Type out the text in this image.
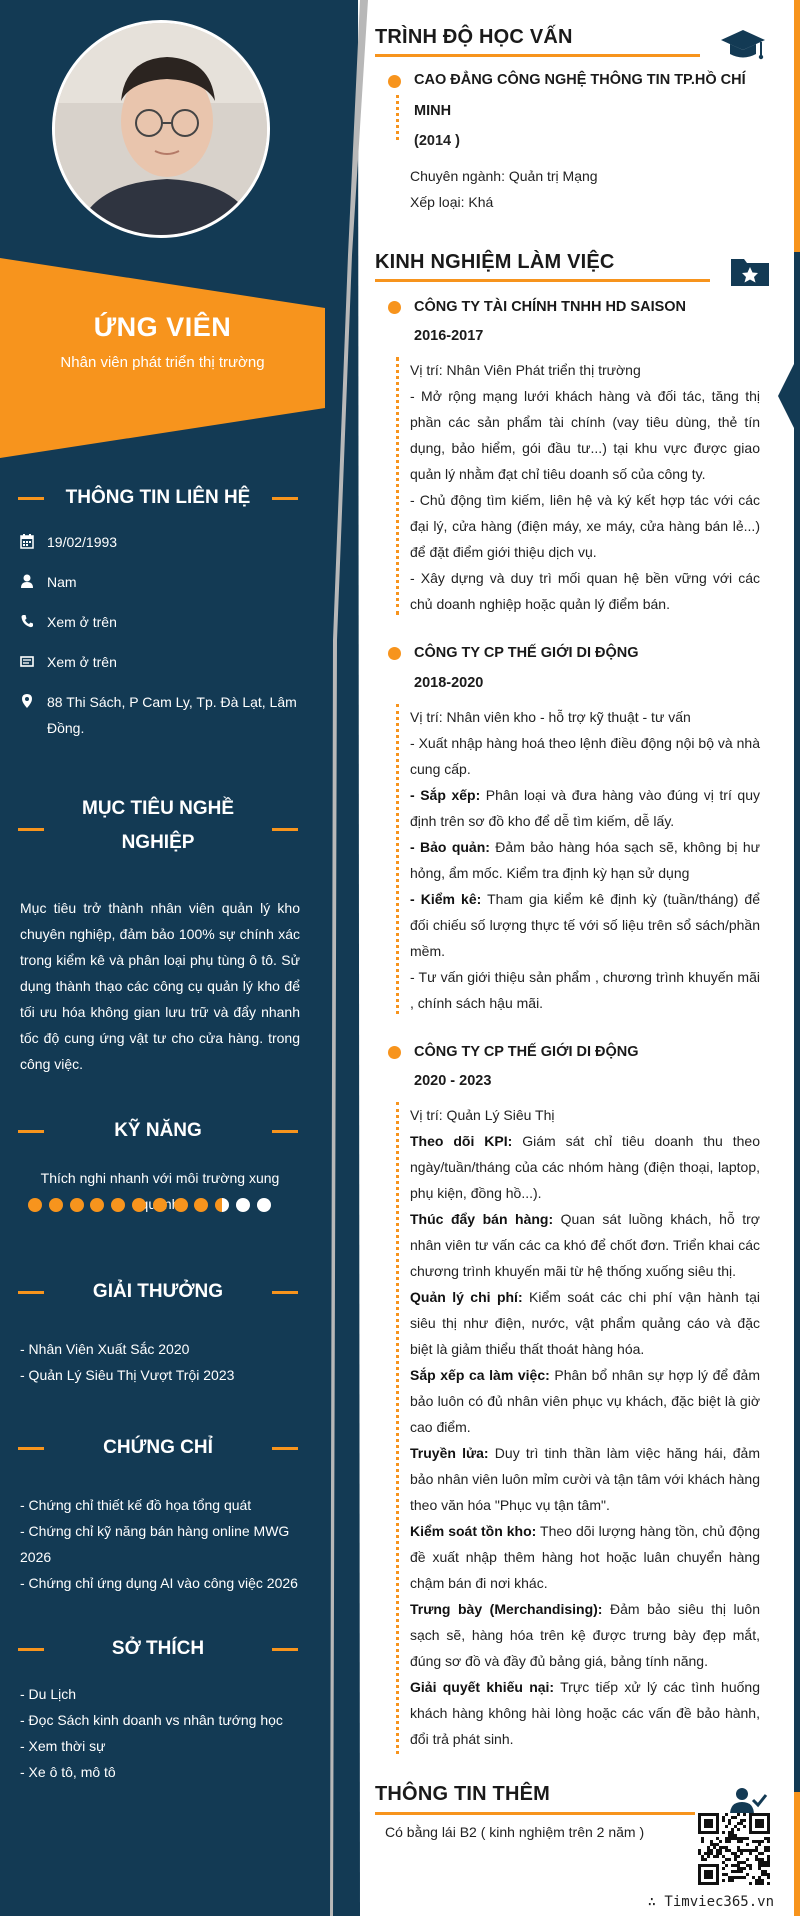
ỨNG VIÊN
Nhân viên phát triển thị trường
THÔNG TIN LIÊN HỆ
19/02/1993
Nam
Xem ở trên
Xem ở trên
88 Thi Sách, P Cam Ly, Tp. Đà Lạt, Lâm Đồng.
MỤC TIÊU NGHỀ
NGHIỆP
Mục tiêu trở thành nhân viên quản lý kho chuyên nghiệp, đảm bảo 100% sự chính xác trong kiểm kê và phân loại phụ tùng ô tô. Sử dụng thành thạo các công cụ quản lý kho để tối ưu hóa không gian lưu trữ và đẩy nhanh tốc độ cung ứng vật tư cho cửa hàng. trong công việc.
KỸ NĂNG
Thích nghi nhanh với môi trường xung
GIẢI THƯỞNG
- Nhân Viên Xuất Sắc 2020
- Quản Lý Siêu Thị Vượt Trội 2023
CHỨNG CHỈ
- Chứng chỉ thiết kế đồ họa tổng quát
- Chứng chỉ kỹ năng bán hàng online MWG 2026
- Chứng chỉ ứng dụng AI vào công việc 2026
SỞ THÍCH
- Du Lịch
- Đọc Sách kinh doanh vs nhân tướng học
- Xem thời sự
- Xe ô tô, mô tô
TRÌNH ĐỘ HỌC VẤN
CAO ĐẲNG CÔNG NGHỆ THÔNG TIN TP.HỒ CHÍ MINH
(2014 )
Chuyên ngành: Quản trị Mạng
Xếp loại: Khá
KINH NGHIỆM LÀM VIỆC
CÔNG TY TÀI CHÍNH TNHH HD SAISON
2016-2017

Vị trí: Nhân Viên Phát triển thị trường

- Mở rộng mạng lưới khách hàng và đối tác, tăng thị phần các sản phẩm tài chính (vay tiêu dùng, thẻ tín dụng, bảo hiểm, gói đầu tư...) tại khu vực được giao quản lý nhằm đạt chỉ tiêu doanh số của công ty.

- Chủ động tìm kiếm, liên hệ và ký kết hợp tác với các đại lý, cửa hàng (điện máy, xe máy, cửa hàng bán lẻ...) để đặt điểm giới thiệu dịch vụ.

- Xây dựng và duy trì mối quan hệ bền vững với các chủ doanh nghiệp hoặc quản lý điểm bán.

CÔNG TY CP THẾ GIỚI DI ĐỘNG
2018-2020

Vị trí: Nhân viên kho - hỗ trợ kỹ thuật - tư vấn

- Xuất nhập hàng hoá theo lệnh điều động nội bộ và nhà cung cấp.

- Sắp xếp: Phân loại và đưa hàng vào đúng vị trí quy định trên sơ đồ kho để dễ tìm kiếm, dễ lấy.

- Bảo quản: Đảm bảo hàng hóa sạch sẽ, không bị hư hỏng, ẩm mốc. Kiểm tra định kỳ hạn sử dụng

- Kiểm kê: Tham gia kiểm kê định kỳ (tuần/tháng) để đối chiếu số lượng thực tế với số liệu trên sổ sách/phần mềm.

- Tư vấn giới thiệu sản phẩm , chương trình khuyến mãi , chính sách hậu mãi.

CÔNG TY CP THẾ GIỚI DI ĐỘNG
2020 - 2023

Vị trí: Quản Lý Siêu Thị

Theo dõi KPI: Giám sát chỉ tiêu doanh thu theo ngày/tuần/tháng của các nhóm hàng (điện thoại, laptop, phụ kiện, đồng hồ...).

Thúc đẩy bán hàng: Quan sát luồng khách, hỗ trợ nhân viên tư vấn các ca khó để chốt đơn. Triển khai các chương trình khuyến mãi từ hệ thống xuống siêu thị.

Quản lý chi phí: Kiểm soát các chi phí vận hành tại siêu thị như điện, nước, vật phẩm quảng cáo và đặc biệt là giảm thiểu thất thoát hàng hóa.

Sắp xếp ca làm việc: Phân bổ nhân sự hợp lý để đảm bảo luôn có đủ nhân viên phục vụ khách, đặc biệt là giờ cao điểm.

Truyền lửa: Duy trì tinh thần làm việc hăng hái, đảm bảo nhân viên luôn mỉm cười và tận tâm với khách hàng theo văn hóa "Phục vụ tận tâm".

Kiểm soát tồn kho: Theo dõi lượng hàng tồn, chủ động đề xuất nhập thêm hàng hot hoặc luân chuyển hàng chậm bán đi nơi khác.

Trưng bày (Merchandising): Đảm bảo siêu thị luôn sạch sẽ, hàng hóa trên kệ được trưng bày đẹp mắt, đúng sơ đồ và đầy đủ bảng giá, bảng tính năng.

Giải quyết khiếu nại: Trực tiếp xử lý các tình huống khách hàng không hài lòng hoặc các vấn đề bảo hành, đổi trả phát sinh.

THÔNG TIN THÊM
Có bằng lái B2 ( kinh nghiệm trên 2 năm )
∴ Timviec365.vn
